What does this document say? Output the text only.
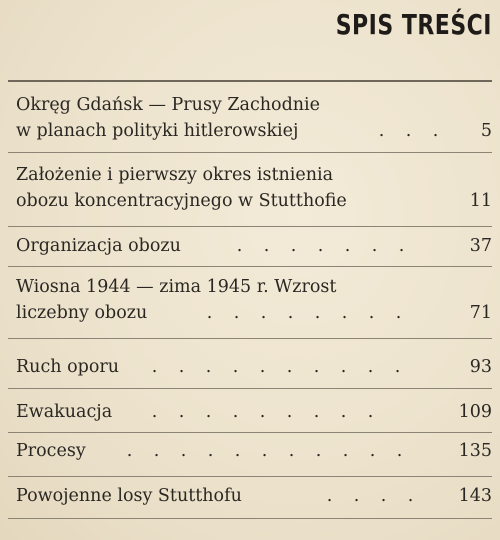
SPIS TREŚCI
Okręg Gdańsk — Prusy Zachodnie
w planach polityki hitlerowskiej	. . .	5
Założenie i pierwszy okres istnienia
obozu koncentracyjnego w Stutthofie	11
Organizacja obozu	. . . . . . .	37
Wiosna 1944 — zima 1945 r. Wzrost
liczebny obozu	. . . . . . . .	71
Ruch oporu	. . . . . . . . . .	93
Ewakuacja	. . . . . . . . .	109
Procesy	. . . . . . . . . . .	135
Powojenne losy Stutthofu	. . . .	143
